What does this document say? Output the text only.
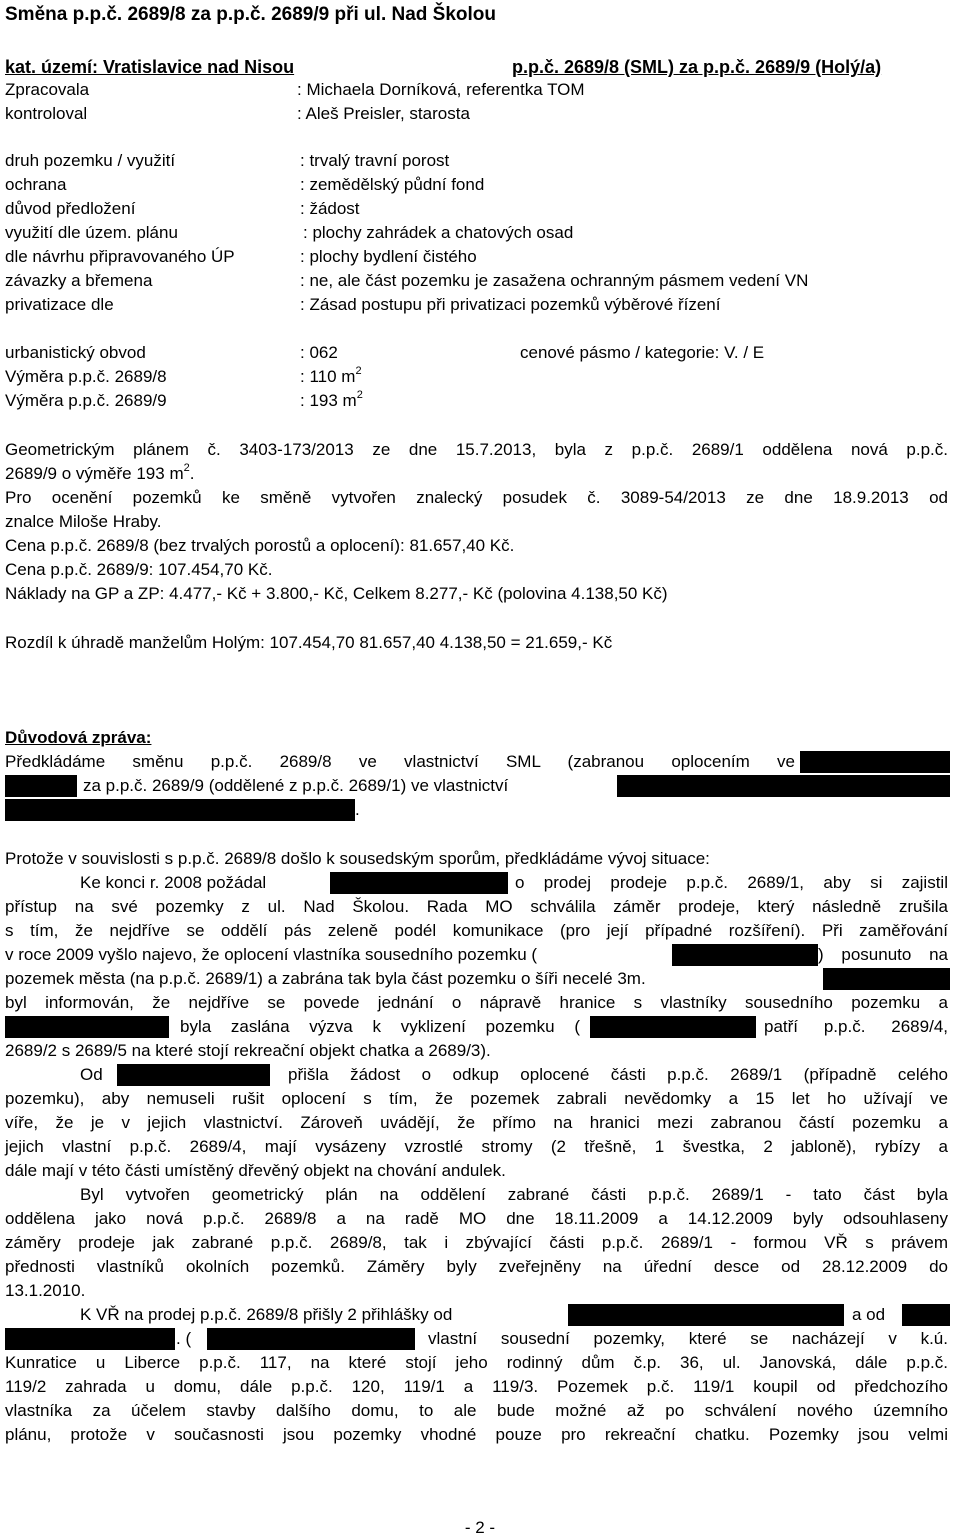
Směna p.p.č. 2689/8 za p.p.č. 2689/9 při ul. Nad Školou
kat. území: Vratislavice nad Nisou	p.p.č. 2689/8 (SML) za p.p.č. 2689/9 (Holý/a)
Zpracovala	: Michaela Dorníková, referentka TOM
kontroloval	: Aleš Preisler, starosta
druh pozemku / využití	: trvalý travní porost
ochrana	: zemědělský půdní fond
důvod předložení	: žádost
využití dle územ. plánu	: plochy zahrádek a chatových osad
dle návrhu připravovaného ÚP	: plochy bydlení čistého
závazky a břemena	: ne, ale část pozemku je zasažena ochranným pásmem vedení VN
privatizace dle	: Zásad postupu při privatizaci pozemků výběrové řízení
urbanistický obvod	: 062	cenové pásmo / kategorie: V. / E
Výměra p.p.č. 2689/8	: 110 $m^2$
Výměra p.p.č. 2689/9	: 193 $m^2$
Geometrickým plánem č. 3403-173/2013 ze dne 15.7.2013, byla z p.p.č. 2689/1 oddělena nová p.p.č.
2689/9 o výměře 193 $m^2$.
Pro ocenění pozemků ke směně vytvořen znalecký posudek č. 3089-54/2013 ze dne 18.9.2013 od
znalce Miloše Hraby.
Cena p.p.č. 2689/8 (bez trvalých porostů a oplocení): 81.657,40 Kč.
Cena p.p.č. 2689/9: 107.454,70 Kč.
Náklady na GP a ZP: 4.477,- Kč + 3.800,- Kč, Celkem 8.277,- Kč (polovina 4.138,50 Kč)
Rozdíl k úhradě manželům Holým: 107.454,70 81.657,40 4.138,50 = 21.659,- Kč
Důvodová zpráva:
Předkládáme směnu p.p.č. 2689/8 ve vlastnictví SML (zabranou oplocením ve
za p.p.č. 2689/9 (oddělené z p.p.č. 2689/1) ve vlastnictví
.
Protože v souvislosti s p.p.č. 2689/8 došlo k sousedským sporům, předkládáme vývoj situace:
Ke konci r. 2008 požádal	o prodej prodeje p.p.č. 2689/1, aby si zajistil
přístup na své pozemky z ul. Nad Školou. Rada MO schválila záměr prodeje, který následně zrušila
s tím, že nejdříve se oddělí pás zeleně podél komunikace (pro její případné rozšíření). Při zaměřování
v roce 2009 vyšlo najevo, že oplocení vlastníka sousedního pozemku (	) posunuto na
pozemek města (na p.p.č. 2689/1) a zabrána tak byla část pozemku o šíři necelé 3m.
byl informován, že nejdříve se povede jednání o nápravě hranice s vlastníky sousedního pozemku a
byla zaslána výzva k vyklizení pozemku (	patří p.p.č. 2689/4,
2689/2 s 2689/5 na které stojí rekreační objekt chatka a 2689/3).
Od	přišla žádost o odkup oplocené části p.p.č. 2689/1 (případně celého
pozemku), aby nemuseli rušit oplocení s tím, že pozemek zabrali nevědomky a 15 let ho užívají ve
víře, že je v jejich vlastnictví. Zároveň uvádějí, že přímo na hranici mezi zabranou částí pozemku a
jejich vlastní p.p.č. 2689/4, mají vysázeny vzrostlé stromy (2 třešně, 1 švestka, 2 jabloně), rybízy a
dále mají v této části umístěný dřevěný objekt na chování andulek.
Byl vytvořen geometrický plán na oddělení zabrané části p.p.č. 2689/1 - tato část byla
oddělena jako nová p.p.č. 2689/8 a na radě MO dne 18.11.2009 a 14.12.2009 byly odsouhlaseny
záměry prodeje jak zabrané p.p.č. 2689/8, tak i zbývající části p.p.č. 2689/1 - formou VŘ s právem
přednosti vlastníků okolních pozemků. Záměry byly zveřejněny na úřední desce od 28.12.2009 do
13.1.2010.
K VŘ na prodej p.p.č. 2689/8 přišly 2 přihlášky od	a od
. (	vlastní sousední pozemky, které se nacházejí v k.ú.
Kunratice u Liberce p.p.č. 117, na které stojí jeho rodinný dům č.p. 36, ul. Janovská, dále p.p.č.
119/2 zahrada u domu, dále p.p.č. 120, 119/1 a 119/3. Pozemek p.č. 119/1 koupil od předchozího
vlastníka za účelem stavby dalšího domu, to ale bude možné až po schválení nového územního
plánu, protože v současnosti jsou pozemky vhodné pouze pro rekreační chatku. Pozemky jsou velmi
- 2 -
